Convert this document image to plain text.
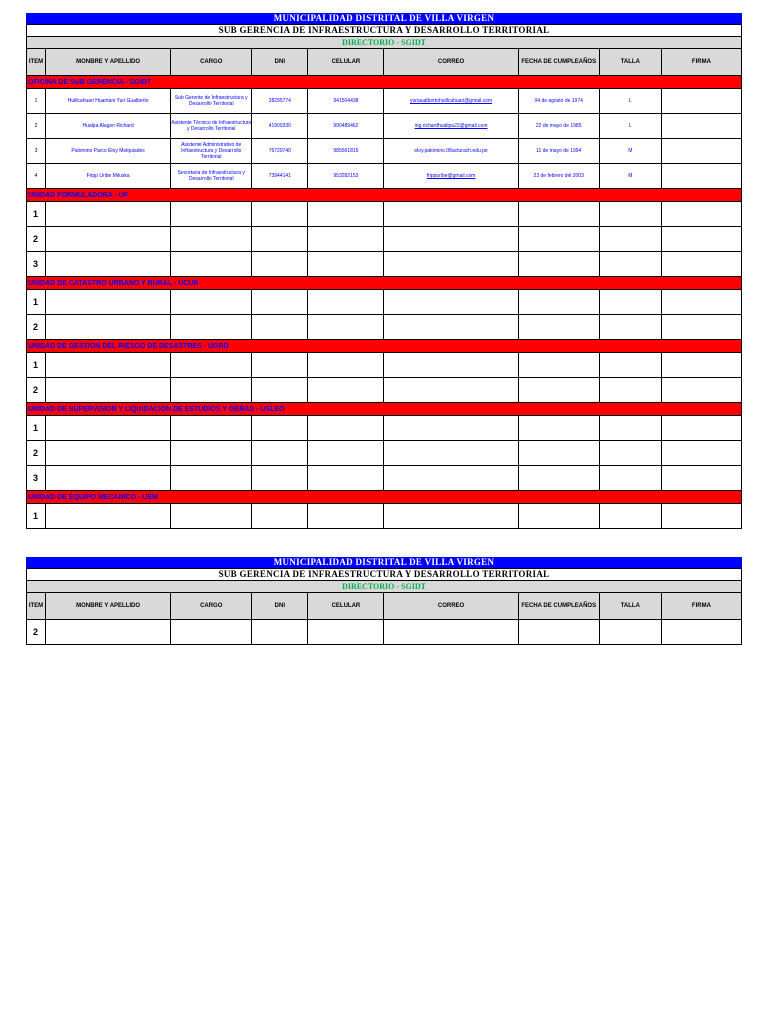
MUNICIPALIDAD DISTRITAL DE VILLA VIRGEN
SUB GERENCIA DE INFRAESTRUCTURA Y DESARROLLO TERRITORIAL
DIRECTORIO - SGIDT
ITEM	MONBRE Y APELLIDO	CARGO	DNI	CELULAR	CORREO	FECHA DE CUMPLEAÑOS	TALLA	FIRMA
OFICINA DE SUB GERENCIA - SGIDT								
1	Huillcahuari Huamani Yuri Gualberto	Sub Gerente de Infraestructura y Desarrollo Territorial	28295774	941504438	yuriaualbertohuillcahuari@gmail.com	04 de agosto de 1974	L	
2	Hualpa Alagon Richard	Asistente Técnico de Infraestructura y Desarrollo Territorial	41909330	990489462	ing.richardhualipa22@gmail.com	22 de mayo de 1985	L	
3	Palomino Parco Eloy Melquiades	Asistente Administrativo de Infraestructura y Desarrollo Territorial	76729740	985561815	eloy.palomino.08acturach.edu.pe	11 de mayo de 1994	M	
4	Fripp Uribe Miluska	Secretaria de Infraestructura y Desarrollo Territorial	73944141	953282153	frippuribe@gmail.com	23 de febrero del 2003	M	
UNIDAD FORMULADORA - UF								
1								
2								
3								
UNIDAD DE CATASTRO URBANO Y RURAL - UCUR								
1								
2								
UNIDAD DE GESTION DEL RIESGO DE DESASTRES - UGRD								
1								
2								
UNIDAD DE SUPERVISION Y LIQUIDACION DE ESTUDIOS Y OBRAS - USLEO								
1								
2								
3								
UNIDAD DE EQUIPO MECANICO - UEM								
1								
MUNICIPALIDAD DISTRITAL DE VILLA VIRGEN
SUB GERENCIA DE INFRAESTRUCTURA Y DESARROLLO TERRITORIAL
DIRECTORIO - SGIDT
ITEM	MONBRE Y APELLIDO	CARGO	DNI	CELULAR	CORREO	FECHA DE CUMPLEAÑOS	TALLA	FIRMA
2								
